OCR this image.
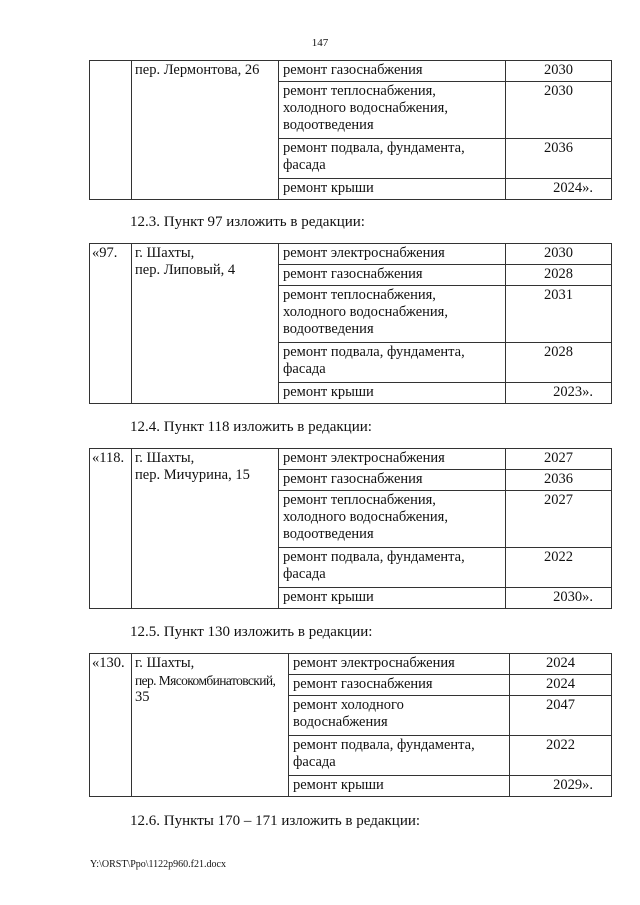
147

	пер. Лермонтова, 26	ремонт газоснабжения	2030
		ремонт теплоснабжения, холодного водоснабжения, водоотведения	2030
		ремонт подвала, фундамента, фасада	2036
		ремонт крыши	2024».
12.3. Пункт 97 изложить в редакции:
«97.	г. Шахты,
пер. Липовый, 4	ремонт электроснабжения	2030
		ремонт газоснабжения	2028
		ремонт теплоснабжения, холодного водоснабжения, водоотведения	2031
		ремонт подвала, фундамента, фасада	2028
		ремонт крыши	2023».
12.4. Пункт 118 изложить в редакции:
«118.	г. Шахты,
пер. Мичурина, 15	ремонт электроснабжения	2027
		ремонт газоснабжения	2036
		ремонт теплоснабжения, холодного водоснабжения, водоотведения	2027
		ремонт подвала, фундамента, фасада	2022
		ремонт крыши	2030».
12.5. Пункт 130 изложить в редакции:
«130.	г. Шахты,
пер. Мясокомбинатовский,
35	ремонт электроснабжения	2024
		ремонт газоснабжения	2024
		ремонт холодного водоснабжения	2047
		ремонт подвала, фундамента, фасада	2022
		ремонт крыши	2029».
12.6. Пункты 170 – 171 изложить в редакции:
Y:\ORST\Ppo\1122p960.f21.docx
